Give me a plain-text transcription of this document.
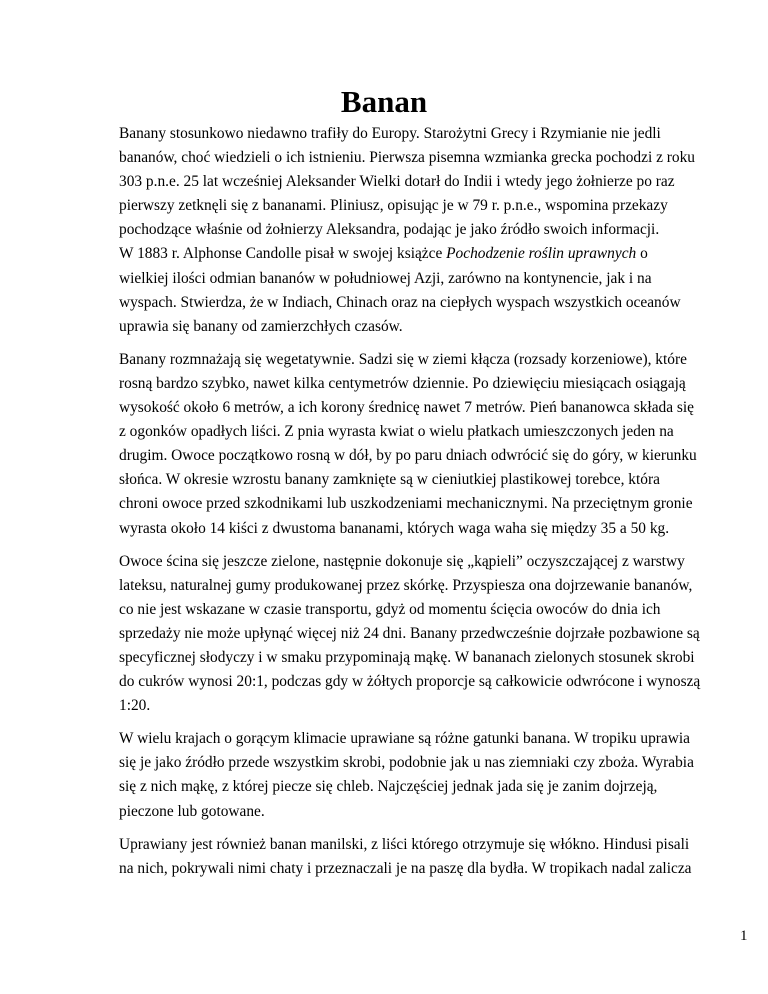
Banan
Banany stosunkowo niedawno trafiły do Europy. Starożytni Grecy i Rzymianie nie jedli
bananów, choć wiedzieli o ich istnieniu. Pierwsza pisemna wzmianka grecka pochodzi z roku
303 p.n.e. 25 lat wcześniej Aleksander Wielki dotarł do Indii i wtedy jego żołnierze po raz
pierwszy zetknęli się z bananami. Pliniusz, opisując je w 79 r. p.n.e., wspomina przekazy
pochodzące właśnie od żołnierzy Aleksandra, podając je jako źródło swoich informacji.
W 1883 r. Alphonse Candolle pisał w swojej książce Pochodzenie roślin uprawnych o
wielkiej ilości odmian bananów w południowej Azji, zarówno na kontynencie, jak i na
wyspach. Stwierdza, że w Indiach, Chinach oraz na ciepłych wyspach wszystkich oceanów
uprawia się banany od zamierzchłych czasów.
Banany rozmnażają się wegetatywnie. Sadzi się w ziemi kłącza (rozsady korzeniowe), które
rosną bardzo szybko, nawet kilka centymetrów dziennie. Po dziewięciu miesiącach osiągają
wysokość około 6 metrów, a ich korony średnicę nawet 7 metrów. Pień bananowca składa się
z ogonków opadłych liści. Z pnia wyrasta kwiat o wielu płatkach umieszczonych jeden na
drugim. Owoce początkowo rosną w dół, by po paru dniach odwrócić się do góry, w kierunku
słońca. W okresie wzrostu banany zamknięte są w cieniutkiej plastikowej torebce, która
chroni owoce przed szkodnikami lub uszkodzeniami mechanicznymi. Na przeciętnym gronie
wyrasta około 14 kiści z dwustoma bananami, których waga waha się między 35 a 50 kg.
Owoce ścina się jeszcze zielone, następnie dokonuje się „kąpieli” oczyszczającej z warstwy
lateksu, naturalnej gumy produkowanej przez skórkę. Przyspiesza ona dojrzewanie bananów,
co nie jest wskazane w czasie transportu, gdyż od momentu ścięcia owoców do dnia ich
sprzedaży nie może upłynąć więcej niż 24 dni. Banany przedwcześnie dojrzałe pozbawione są
specyficznej słodyczy i w smaku przypominają mąkę. W bananach zielonych stosunek skrobi
do cukrów wynosi 20:1, podczas gdy w żółtych proporcje są całkowicie odwrócone i wynoszą
1:20.
W wielu krajach o gorącym klimacie uprawiane są różne gatunki banana. W tropiku uprawia
się je jako źródło przede wszystkim skrobi, podobnie jak u nas ziemniaki czy zboża. Wyrabia
się z nich mąkę, z której piecze się chleb. Najczęściej jednak jada się je zanim dojrzeją,
pieczone lub gotowane.
Uprawiany jest również banan manilski, z liści którego otrzymuje się włókno. Hindusi pisali
na nich, pokrywali nimi chaty i przeznaczali je na paszę dla bydła. W tropikach nadal zalicza
1
